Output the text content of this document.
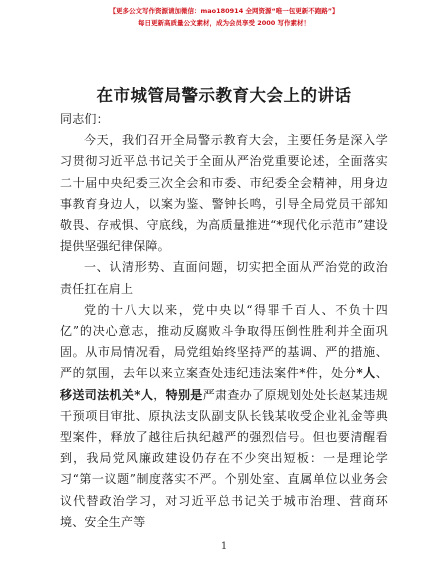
【更多公文写作资源请加微信：mao180914 全网资源“唯一包更新不跑路”】
每日更新高质量公文素材，成为会员享受 2000 写作素材！
在市城管局警示教育大会上的讲话

同志们：

今天，我们召开全局警示教育大会，主要任务是深入学习贯彻习近平总书记关于全面从严治党重要论述，全面落实二十届中央纪委三次全会和市委、市纪委全会精神，用身边事教育身边人，以案为鉴、警钟长鸣，引导全局党员干部知敬畏、存戒惧、守底线，为高质量推进“*现代化示范市”建设提供坚强纪律保障。

一、认清形势、直面问题，切实把全面从严治党的政治责任扛在肩上

党的十八大以来，党中央以“得罪千百人、不负十四亿”的决心意志，推动反腐败斗争取得压倒性胜利并全面巩固。从市局情况看，局党组始终坚持严的基调、严的措施、严的氛围，去年以来立案查处违纪违法案件*件，处分*人、移送司法机关*人，特别是严肃查办了原规划处处长赵某违规干预项目审批、原执法支队副支队长钱某收受企业礼金等典型案件，释放了越往后执纪越严的强烈信号。但也要清醒看到，我局党风廉政建设仍存在不少突出短板：一是理论学习“第一议题”制度落实不严。个别处室、直属单位以业务会议代替政治学习，对习近平总书记关于城市治理、营商环境、安全生产等

1
